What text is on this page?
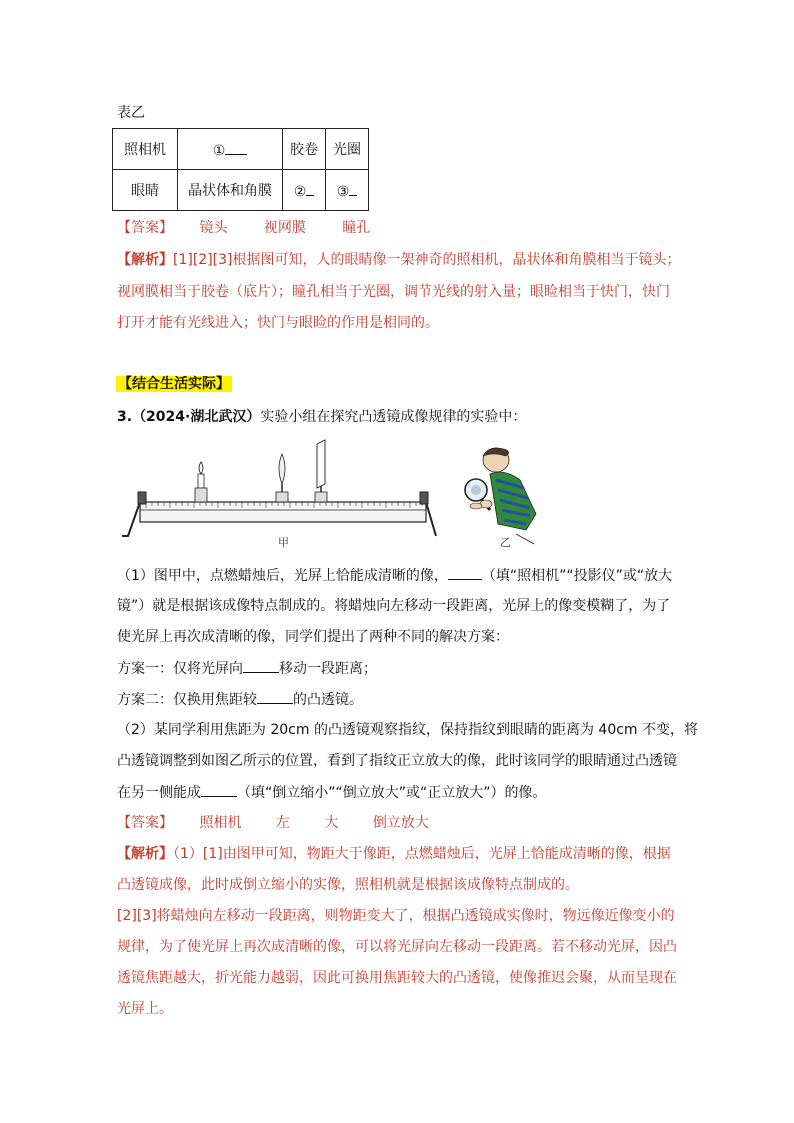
表乙
照相机	①	胶卷	光圈
眼睛	晶状体和角膜	②	③
【答案】 镜头	视网膜	瞳孔
【解析】[1][2][3]根据图可知，人的眼睛像一架神奇的照相机，晶状体和角膜相当于镜头；
视网膜相当于胶卷（底片）；瞳孔相当于光圈，调节光线的射入量；眼睑相当于快门，快门
打开才能有光线进入；快门与眼睑的作用是相同的。
【结合生活实际】
3.（2024·湖北武汉）实验小组在探究凸透镜成像规律的实验中：
甲	乙
（1）图甲中，点燃蜡烛后，光屏上恰能成清晰的像， （填“照相机”“投影仪”或“放大
镜”）就是根据该成像特点制成的。将蜡烛向左移动一段距离，光屏上的像变模糊了，为了
使光屏上再次成清晰的像，同学们提出了两种不同的解决方案：
方案一：仅将光屏向	移动一段距离；
方案二：仅换用焦距较	的凸透镜。
（2）某同学利用焦距为 20cm 的凸透镜观察指纹，保持指纹到眼睛的距离为 40cm 不变，将
凸透镜调整到如图乙所示的位置，看到了指纹正立放大的像，此时该同学的眼睛通过凸透镜
在另一侧能成	（填“倒立缩小”“倒立放大”或“正立放大”）的像。
【答案】 照相机 左 大 倒立放大
【解析】（1）[1]由图甲可知，物距大于像距，点燃蜡烛后，光屏上恰能成清晰的像，根据
凸透镜成像，此时成倒立缩小的实像，照相机就是根据该成像特点制成的。
[2][3]将蜡烛向左移动一段距离，则物距变大了，根据凸透镜成实像时，物远像近像变小的
规律，为了使光屏上再次成清晰的像，可以将光屏向左移动一段距离。若不移动光屏，因凸
透镜焦距越大，折光能力越弱，因此可换用焦距较大的凸透镜，使像推迟会聚，从而呈现在
光屏上。
